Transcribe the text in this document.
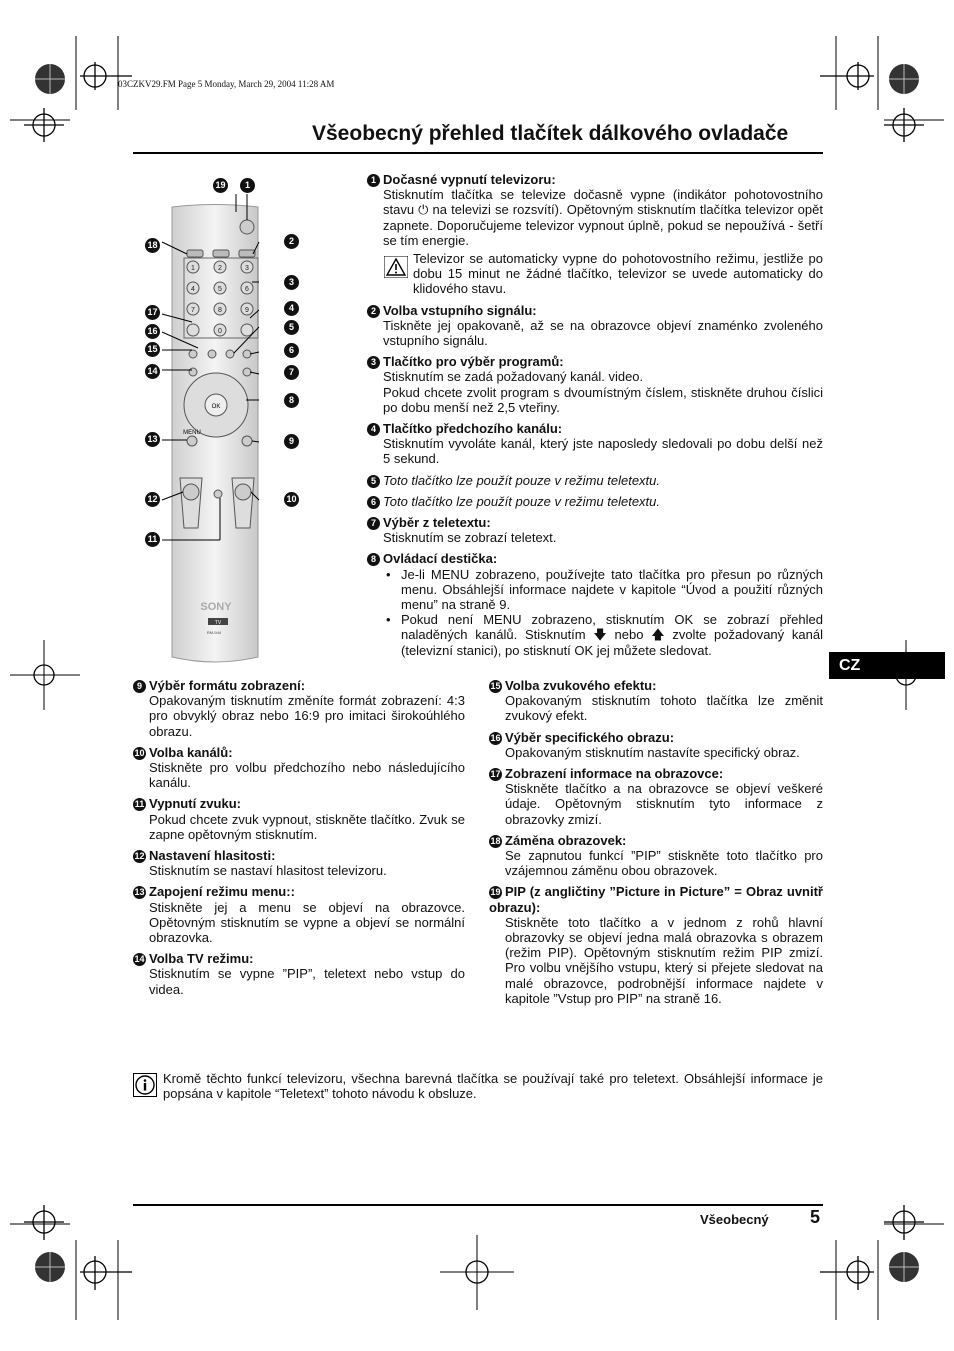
03CZKV29.FM Page 5 Monday, March 29, 2004 11:28 AM
Všeobecný přehled tlačítek dálkového ovladače
1	2	3
4	5	6
7	8	9
0
OK
MENU
SONY
TV
RM-944
19	1
18	2
3
17	4
16	5
15	6
14	7
8
13	9
12	10
11
1 Dočasné vypnutí televizoru:
Stisknutím tlačítka se televize dočasně vypne (indikátor pohotovostního stavu ⏻ na televizi se rozsvítí). Opětovným stisknutím tlačítka televizor opět zapnete. Doporučujeme televizor vypnout úplně, pokud se nepoužívá - šetří se tím energie.
Televizor se automaticky vypne do pohotovostního režimu, jestliže po dobu 15 minut ne žádné tlačítko, televizor se uvede automaticky do klidového stavu.
2 Volba vstupního signálu:
Tiskněte jej opakovaně, až se na obrazovce objeví znaménko zvoleného vstupního signálu.
3 Tlačítko pro výběr programů:
Stisknutím se zadá požadovaný kanál. video.
Pokud chcete zvolit program s dvoumístným číslem, stiskněte druhou číslici po dobu menší než 2,5 vteřiny.
4 Tlačítko předchozího kanálu:
Stisknutím vyvoláte kanál, který jste naposledy sledovali po dobu delší než 5 sekund.
5 Toto tlačítko lze použít pouze v režimu teletextu.
6 Toto tlačítko lze použít pouze v režimu teletextu.
7 Výběr z teletextu:
Stisknutím se zobrazí teletext.
8 Ovládací destička:
• Je-li MENU zobrazeno, používejte tato tlačítka pro přesun po různých menu. Obsáhlejší informace najdete v kapitole “Úvod a použití různých menu” na straně 9.
• Pokud není MENU zobrazeno, stisknutím OK se zobrazí přehled naladěných kanálů. Stisknutím 🡇 nebo 🡅 zvolte požadovaný kanál (televizní stanici), po stisknutí OK jej můžete sledovat.
9 Výběr formátu zobrazení:
Opakovaným tisknutím změníte formát zobrazení: 4:3 pro obvyklý obraz nebo 16:9 pro imitaci širokoúhlého obrazu.
10 Volba kanálů:
Stiskněte pro volbu předchozího nebo následujícího kanálu.
11 Vypnutí zvuku:
Pokud chcete zvuk vypnout, stiskněte tlačítko. Zvuk se zapne opětovným stisknutím.
12 Nastavení hlasitosti:
Stisknutím se nastaví hlasitost televizoru.
13 Zapojení režimu menu::
Stiskněte jej a menu se objeví na obrazovce. Opětovným stisknutím se vypne a objeví se normální obrazovka.
14 Volba TV režimu:
Stisknutím se vypne ”PIP”, teletext nebo vstup do videa.
15 Volba zvukového efektu:
Opakovaným stisknutím tohoto tlačítka lze změnit zvukový efekt.
16 Výběr specifického obrazu:
Opakovaným stisknutím nastavíte specifický obraz.
17 Zobrazení informace na obrazovce:
Stiskněte tlačítko a na obrazovce se objeví veškeré údaje. Opětovným stisknutím tyto informace z obrazovky zmizí.
18 Záměna obrazovek:
Se zapnutou funkcí ”PIP” stiskněte toto tlačítko pro vzájemnou záměnu obou obrazovek.
19 PIP (z angličtiny ”Picture in Picture” = Obraz uvnitř obrazu):
Stiskněte toto tlačítko a v jednom z rohů hlavní obrazovky se objeví jedna malá obrazovka s obrazem (režim PIP). Opětovným stisknutím režim PIP zmizí. Pro volbu vnějšího vstupu, který si přejete sledovat na malé obrazovce, podrobnější informace najdete v kapitole ”Vstup pro PIP” na straně 16.
CZ
Kromě těchto funkcí televizoru, všechna barevná tlačítka se používají také pro teletext. Obsáhlejší informace je popsána v kapitole “Teletext” tohoto návodu k obsluze.
Všeobecný 5
